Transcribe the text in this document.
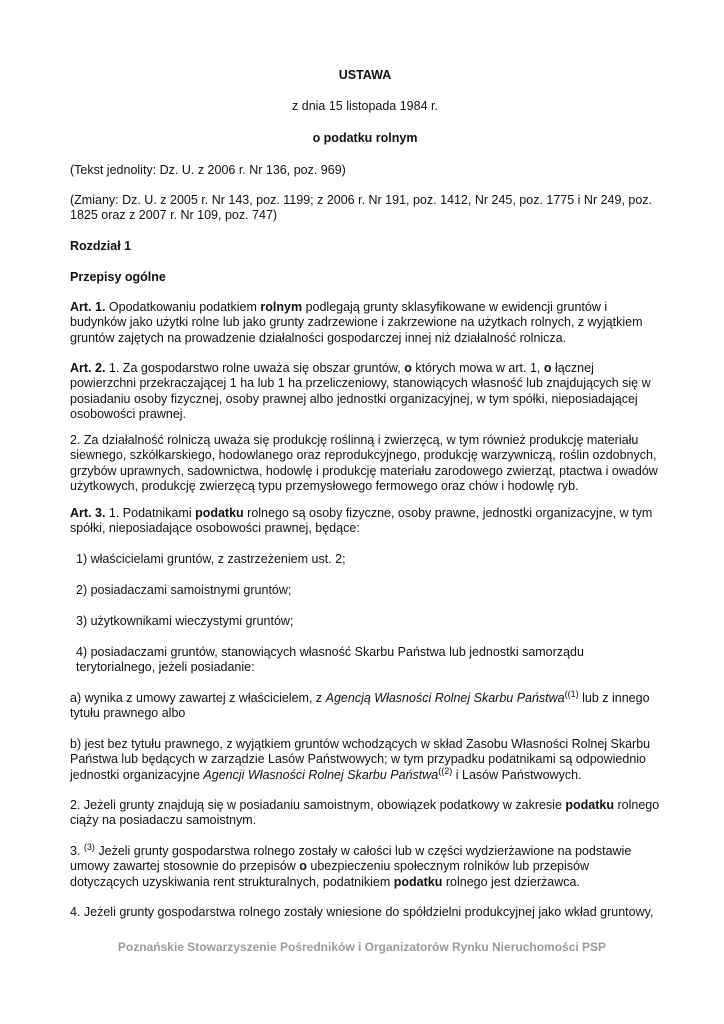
USTAWA

z dnia 15 listopada 1984 r.

o podatku rolnym

(Tekst jednolity: Dz. U. z 2006 r. Nr 136, poz. 969)

(Zmiany: Dz. U. z 2005 r. Nr 143, poz. 1199; z 2006 r. Nr 191, poz. 1412, Nr 245, poz. 1775 i Nr 249, poz. 1825 oraz z 2007 r. Nr 109, poz. 747)

Rozdział 1

Przepisy ogólne

Art. 1. Opodatkowaniu podatkiem rolnym podlegają grunty sklasyfikowane w ewidencji gruntów i budynków jako użytki rolne lub jako grunty zadrzewione i zakrzewione na użytkach rolnych, z wyjątkiem gruntów zajętych na prowadzenie działalności gospodarczej innej niż działalność rolnicza.

Art. 2. 1. Za gospodarstwo rolne uważa się obszar gruntów, o których mowa w art. 1, o łącznej powierzchni przekraczającej 1 ha lub 1 ha przeliczeniowy, stanowiących własność lub znajdujących się w posiadaniu osoby fizycznej, osoby prawnej albo jednostki organizacyjnej, w tym spółki, nieposiadającej osobowości prawnej.

2. Za działalność rolniczą uważa się produkcję roślinną i zwierzęcą, w tym również produkcję materiału siewnego, szkółkarskiego, hodowlanego oraz reprodukcyjnego, produkcję warzywniczą, roślin ozdobnych, grzybów uprawnych, sadownictwa, hodowlę i produkcję materiału zarodowego zwierząt, ptactwa i owadów użytkowych, produkcję zwierzęcą typu przemysłowego fermowego oraz chów i hodowlę ryb.

Art. 3. 1. Podatnikami podatku rolnego są osoby fizyczne, osoby prawne, jednostki organizacyjne, w tym spółki, nieposiadające osobowości prawnej, będące:

1) właścicielami gruntów, z zastrzeżeniem ust. 2;

2) posiadaczami samoistnymi gruntów;

3) użytkownikami wieczystymi gruntów;

4) posiadaczami gruntów, stanowiących własność Skarbu Państwa lub jednostki samorządu terytorialnego, jeżeli posiadanie:

a) wynika z umowy zawartej z właścicielem, z Agencją Własności Rolnej Skarbu Państwa$^{((1)}$ lub z innego tytułu prawnego albo

b) jest bez tytułu prawnego, z wyjątkiem gruntów wchodzących w skład Zasobu Własności Rolnej Skarbu Państwa lub będących w zarządzie Lasów Państwowych; w tym przypadku podatnikami są odpowiednio jednostki organizacyjne Agencji Własności Rolnej Skarbu Państwa$^{((2)}$ i Lasów Państwowych.

2. Jeżeli grunty znajdują się w posiadaniu samoistnym, obowiązek podatkowy w zakresie podatku rolnego ciąży na posiadaczu samoistnym.

3. $^{(3)}$ Jeżeli grunty gospodarstwa rolnego zostały w całości lub w części wydzierżawione na podstawie umowy zawartej stosownie do przepisów o ubezpieczeniu społecznym rolników lub przepisów dotyczących uzyskiwania rent strukturalnych, podatnikiem podatku rolnego jest dzierżawca.

4. Jeżeli grunty gospodarstwa rolnego zostały wniesione do spółdzielni produkcyjnej jako wkład gruntowy,

Poznańskie Stowarzyszenie Pośredników i Organizatorów Rynku Nieruchomości PSP
